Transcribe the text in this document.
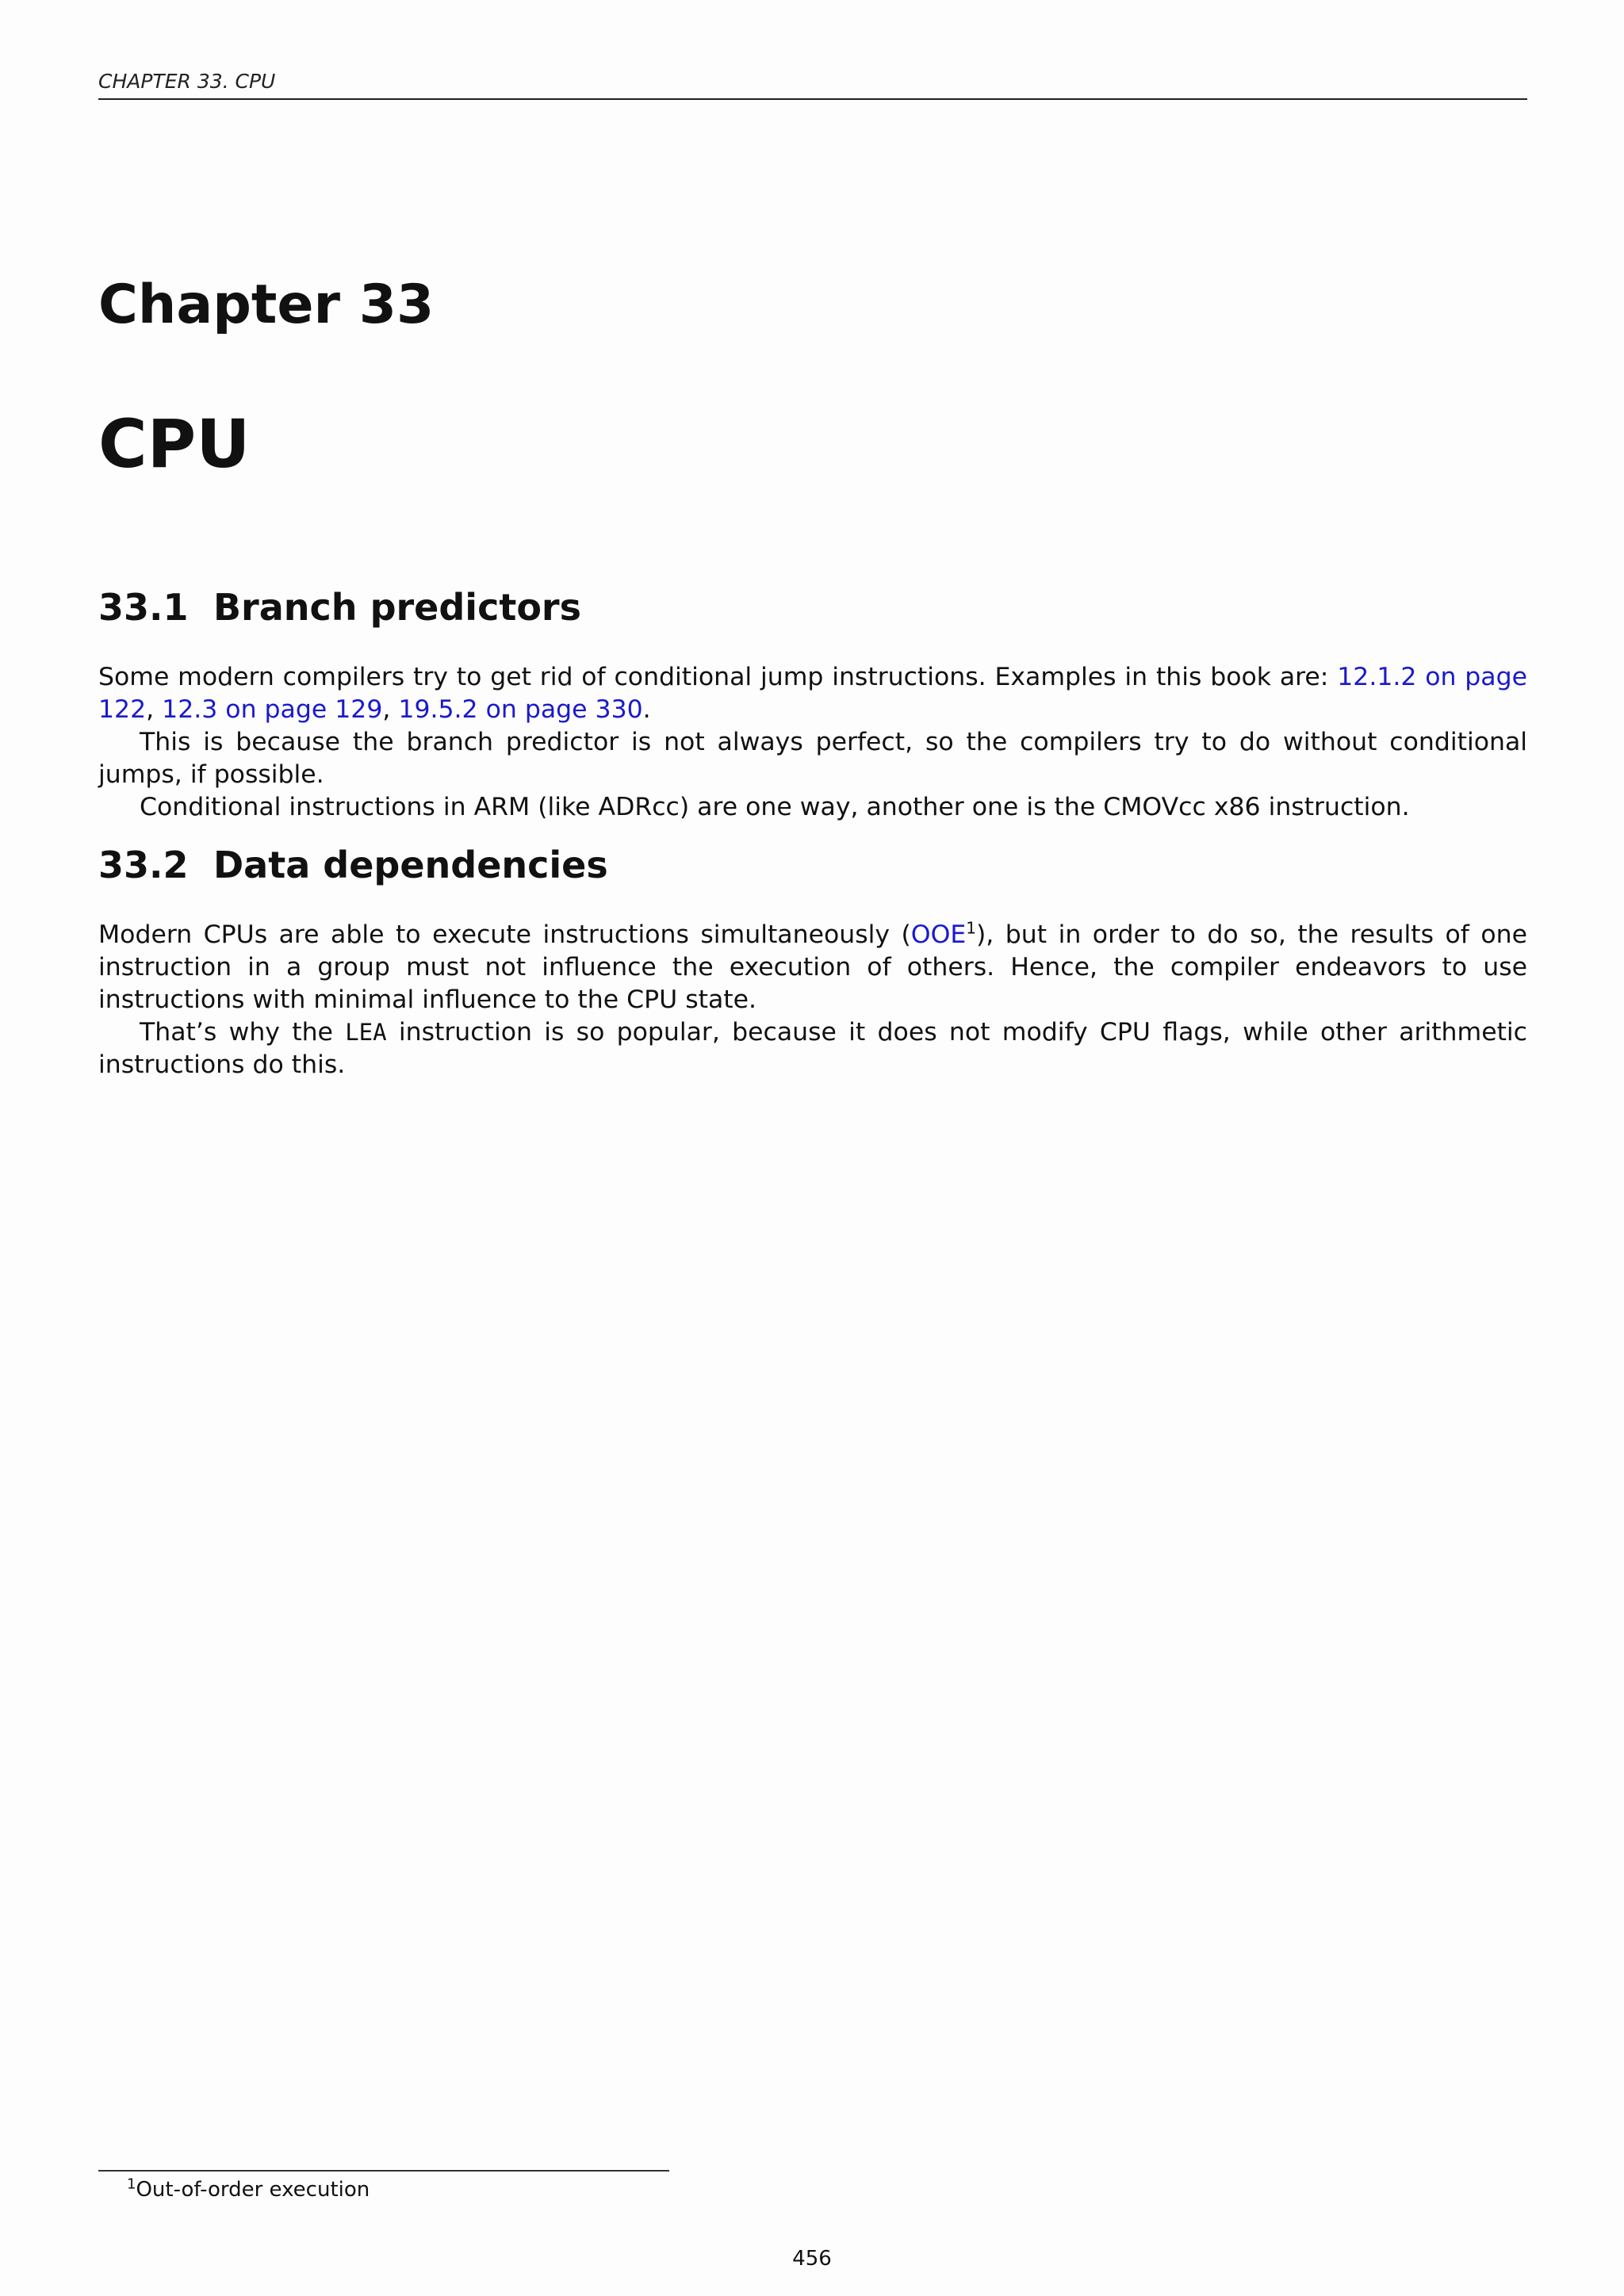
CHAPTER 33. CPU
Chapter 33
CPU
33.1 Branch predictors

Some modern compilers try to get rid of conditional jump instructions. Examples in this book are: 12.1.2 on page 122, 12.3 on page 129, 19.5.2 on page 330.

This is because the branch predictor is not always perfect, so the compilers try to do without conditional jumps, if possible.

Conditional instructions in ARM (like ADRcc) are one way, another one is the CMOVcc x86 instruction.

33.2 Data dependencies

Modern CPUs are able to execute instructions simultaneously (OOE$^1$), but in order to do so, the results of one instruction in a group must not influence the execution of others. Hence, the compiler endeavors to use instructions with minimal influence to the CPU state.

That’s why the LEA instruction is so popular, because it does not modify CPU flags, while other arithmetic instructions do this.

$^1$Out-of-order execution
456
